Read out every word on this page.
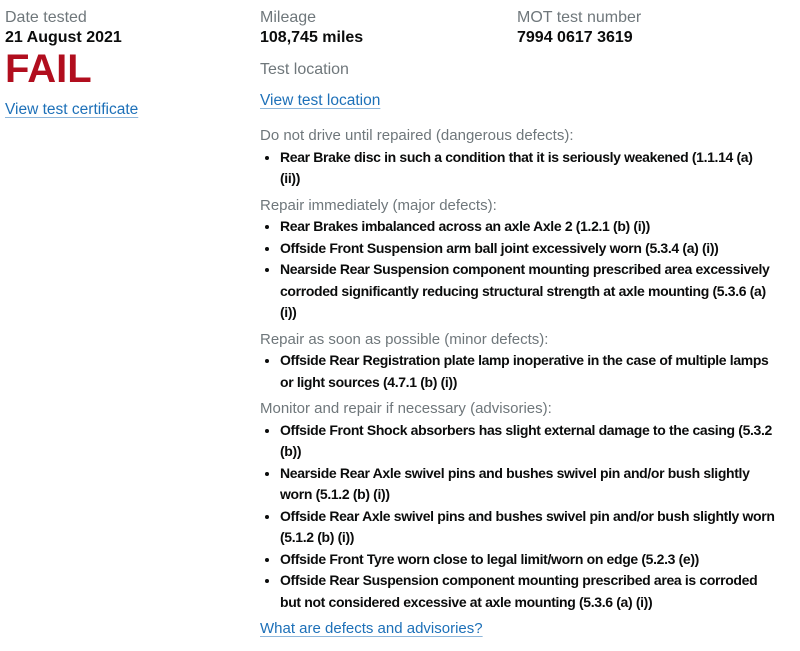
Date tested

21 August 2021

FAIL

View test certificate

Mileage

108,745 miles

Test location

View test location

MOT test number

7994 0617 3619

Do not drive until repaired (dangerous defects):

• Rear Brake disc in such a condition that it is seriously weakened (1.1.14 (a) (ii))

Repair immediately (major defects):

• Rear Brakes imbalanced across an axle Axle 2 (1.2.1 (b) (i))
• Offside Front Suspension arm ball joint excessively worn (5.3.4 (a) (i))
• Nearside Rear Suspension component mounting prescribed area excessively corroded significantly reducing structural strength at axle mounting (5.3.6 (a) (i))

Repair as soon as possible (minor defects):

• Offside Rear Registration plate lamp inoperative in the case of multiple lamps or light sources (4.7.1 (b) (i))

Monitor and repair if necessary (advisories):

• Offside Front Shock absorbers has slight external damage to the casing (5.3.2 (b))
• Nearside Rear Axle swivel pins and bushes swivel pin and/or bush slightly worn (5.1.2 (b) (i))
• Offside Rear Axle swivel pins and bushes swivel pin and/or bush slightly worn (5.1.2 (b) (i))
• Offside Front Tyre worn close to legal limit/worn on edge (5.2.3 (e))
• Offside Rear Suspension component mounting prescribed area is corroded but not considered excessive at axle mounting (5.3.6 (a) (i))
What are defects and advisories?
